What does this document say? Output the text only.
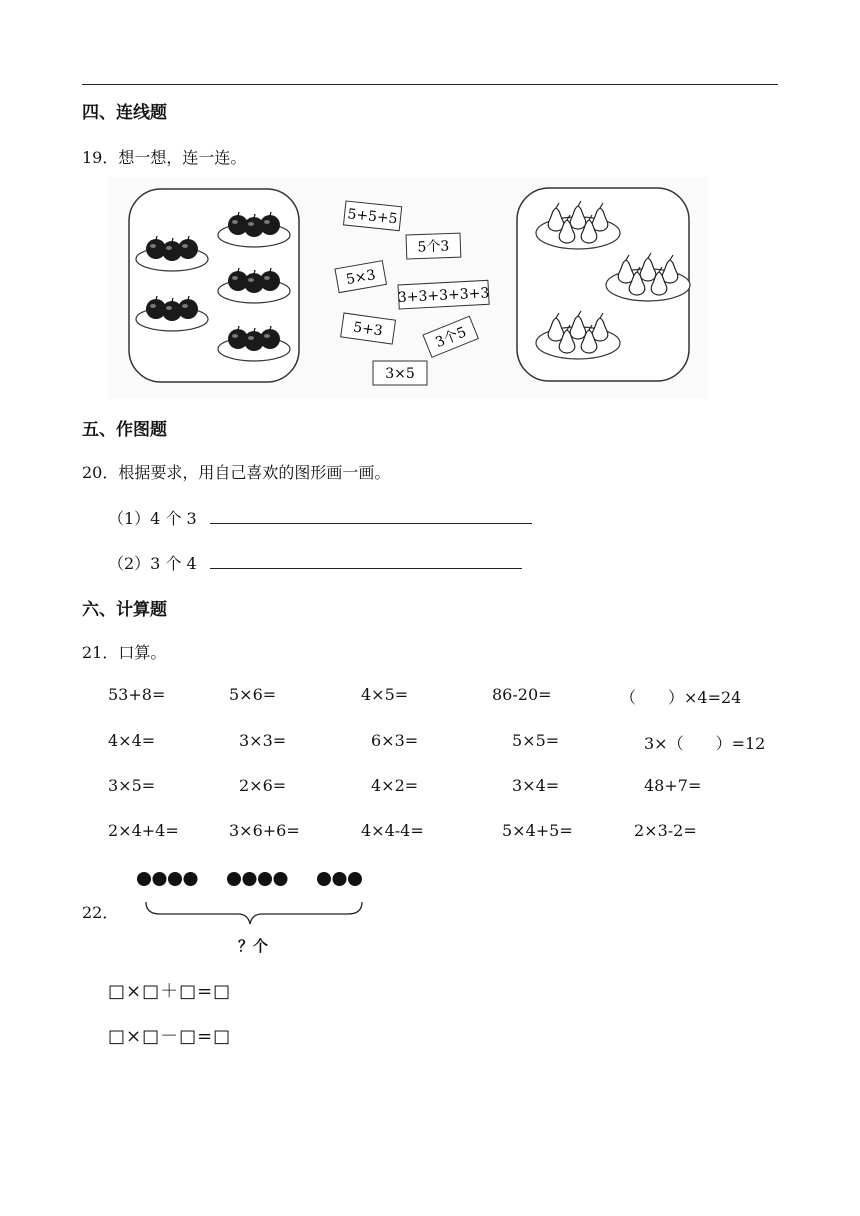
四、连线题
19．想一想，连一连。
5+5+5
5个3
5×3
3+3+3+3+3
5+3	3个5
3×5
五、作图题
20．根据要求，用自己喜欢的图形画一画。
（1）4 个 3
（2）3 个 4
六、计算题
21．口算。
53+8=	5×6=	4×5=	86-20=	（　　）×4=24
4×4=	3×3=	6×3=	5×5=	3×（　　）=12
3×5=	2×6=	4×2=	3×4=	48+7=
2×4+4=	3×6+6=	4×4-4=	5×4+5=	2×3-2=
22．
？个
□×□＋□=□
□×□－□=□
